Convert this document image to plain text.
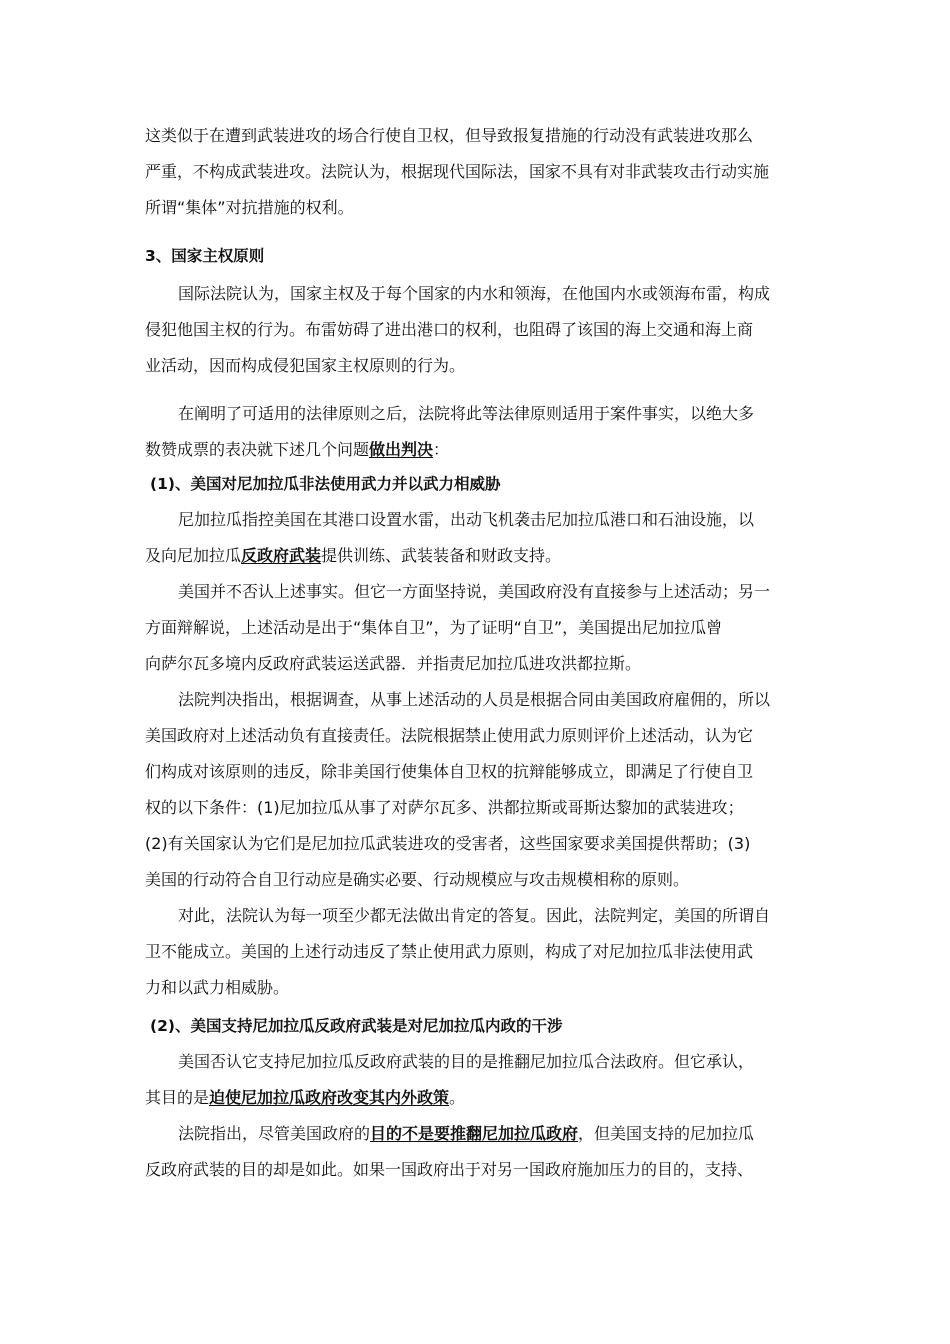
这类似于在遭到武装进攻的场合行使自卫权，但导致报复措施的行动没有武装进攻那么
严重，不构成武装进攻。法院认为，根据现代国际法，国家不具有对非武装攻击行动实施
所谓“集体”对抗措施的权利。
3、国家主权原则
国际法院认为，国家主权及于每个国家的内水和领海，在他国内水或领海布雷，构成
侵犯他国主权的行为。布雷妨碍了进出港口的权利，也阻碍了该国的海上交通和海上商
业活动，因而构成侵犯国家主权原则的行为。
在阐明了可适用的法律原则之后，法院将此等法律原则适用于案件事实，以绝大多
数赞成票的表决就下述几个问题做出判决：
(1)、美国对尼加拉瓜非法使用武力并以武力相威胁
尼加拉瓜指控美国在其港口设置水雷，出动飞机袭击尼加拉瓜港口和石油设施，以
及向尼加拉瓜反政府武装提供训练、武装装备和财政支持。
美国并不否认上述事实。但它一方面坚持说，美国政府没有直接参与上述活动；另一
方面辩解说，上述活动是出于“集体自卫”，为了证明“自卫”，美国提出尼加拉瓜曾
向萨尔瓦多境内反政府武装运送武器．并指责尼加拉瓜进攻洪都拉斯。
法院判决指出，根据调查，从事上述活动的人员是根据合同由美国政府雇佣的，所以
美国政府对上述活动负有直接责任。法院根据禁止使用武力原则评价上述活动，认为它
们构成对该原则的违反，除非美国行使集体自卫权的抗辩能够成立，即满足了行使自卫
权的以下条件：(1)尼加拉瓜从事了对萨尔瓦多、洪都拉斯或哥斯达黎加的武装进攻；
(2)有关国家认为它们是尼加拉瓜武装进攻的受害者，这些国家要求美国提供帮助；(3)
美国的行动符合自卫行动应是确实必要、行动规模应与攻击规模相称的原则。
对此，法院认为每一项至少都无法做出肯定的答复。因此，法院判定，美国的所谓自
卫不能成立。美国的上述行动违反了禁止使用武力原则，构成了对尼加拉瓜非法使用武
力和以武力相威胁。
(2)、美国支持尼加拉瓜反政府武装是对尼加拉瓜内政的干涉
美国否认它支持尼加拉瓜反政府武装的目的是推翻尼加拉瓜合法政府。但它承认，
其目的是迫使尼加拉瓜政府改变其内外政策。
法院指出，尽管美国政府的目的不是要推翻尼加拉瓜政府，但美国支持的尼加拉瓜
反政府武装的目的却是如此。如果一国政府出于对另一国政府施加压力的目的，支持、
